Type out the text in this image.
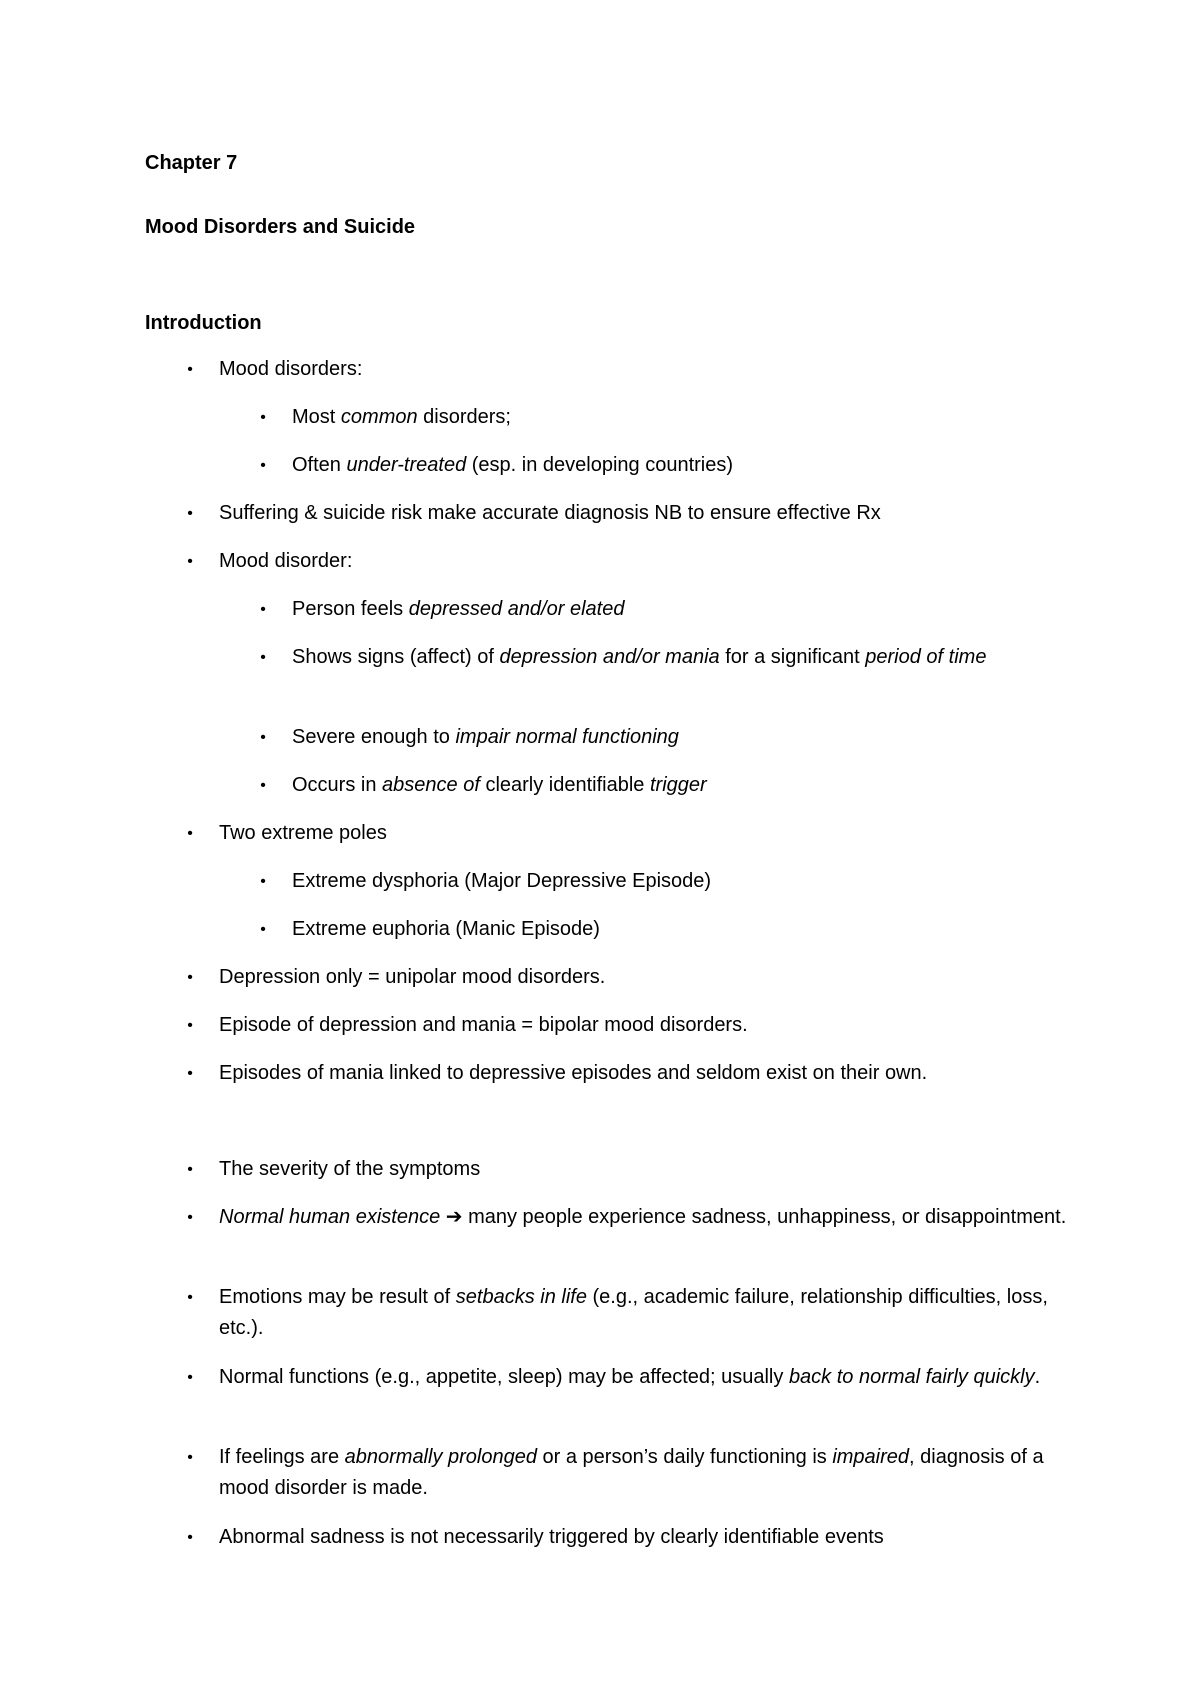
Chapter 7
Mood Disorders and Suicide
Introduction
• Mood disorders:
• Most common disorders;
• Often under-treated (esp. in developing countries)
• Suffering & suicide risk make accurate diagnosis NB to ensure effective Rx
• Mood disorder:
• Person feels depressed and/or elated
• Shows signs (affect) of depression and/or mania for a significant period of time
• Severe enough to impair normal functioning
• Occurs in absence of clearly identifiable trigger
• Two extreme poles
• Extreme dysphoria (Major Depressive Episode)
• Extreme euphoria (Manic Episode)
• Depression only = unipolar mood disorders.
• Episode of depression and mania = bipolar mood disorders.
• Episodes of mania linked to depressive episodes and seldom exist on their own.
• The severity of the symptoms
• Normal human existence ➔ many people experience sadness, unhappiness, or disappointment.
• Emotions may be result of setbacks in life (e.g., academic failure, relationship difficulties, loss, etc.).
• Normal functions (e.g., appetite, sleep) may be affected; usually back to normal fairly quickly.
• If feelings are abnormally prolonged or a person’s daily functioning is impaired, diagnosis of a mood disorder is made.
• Abnormal sadness is not necessarily triggered by clearly identifiable events
